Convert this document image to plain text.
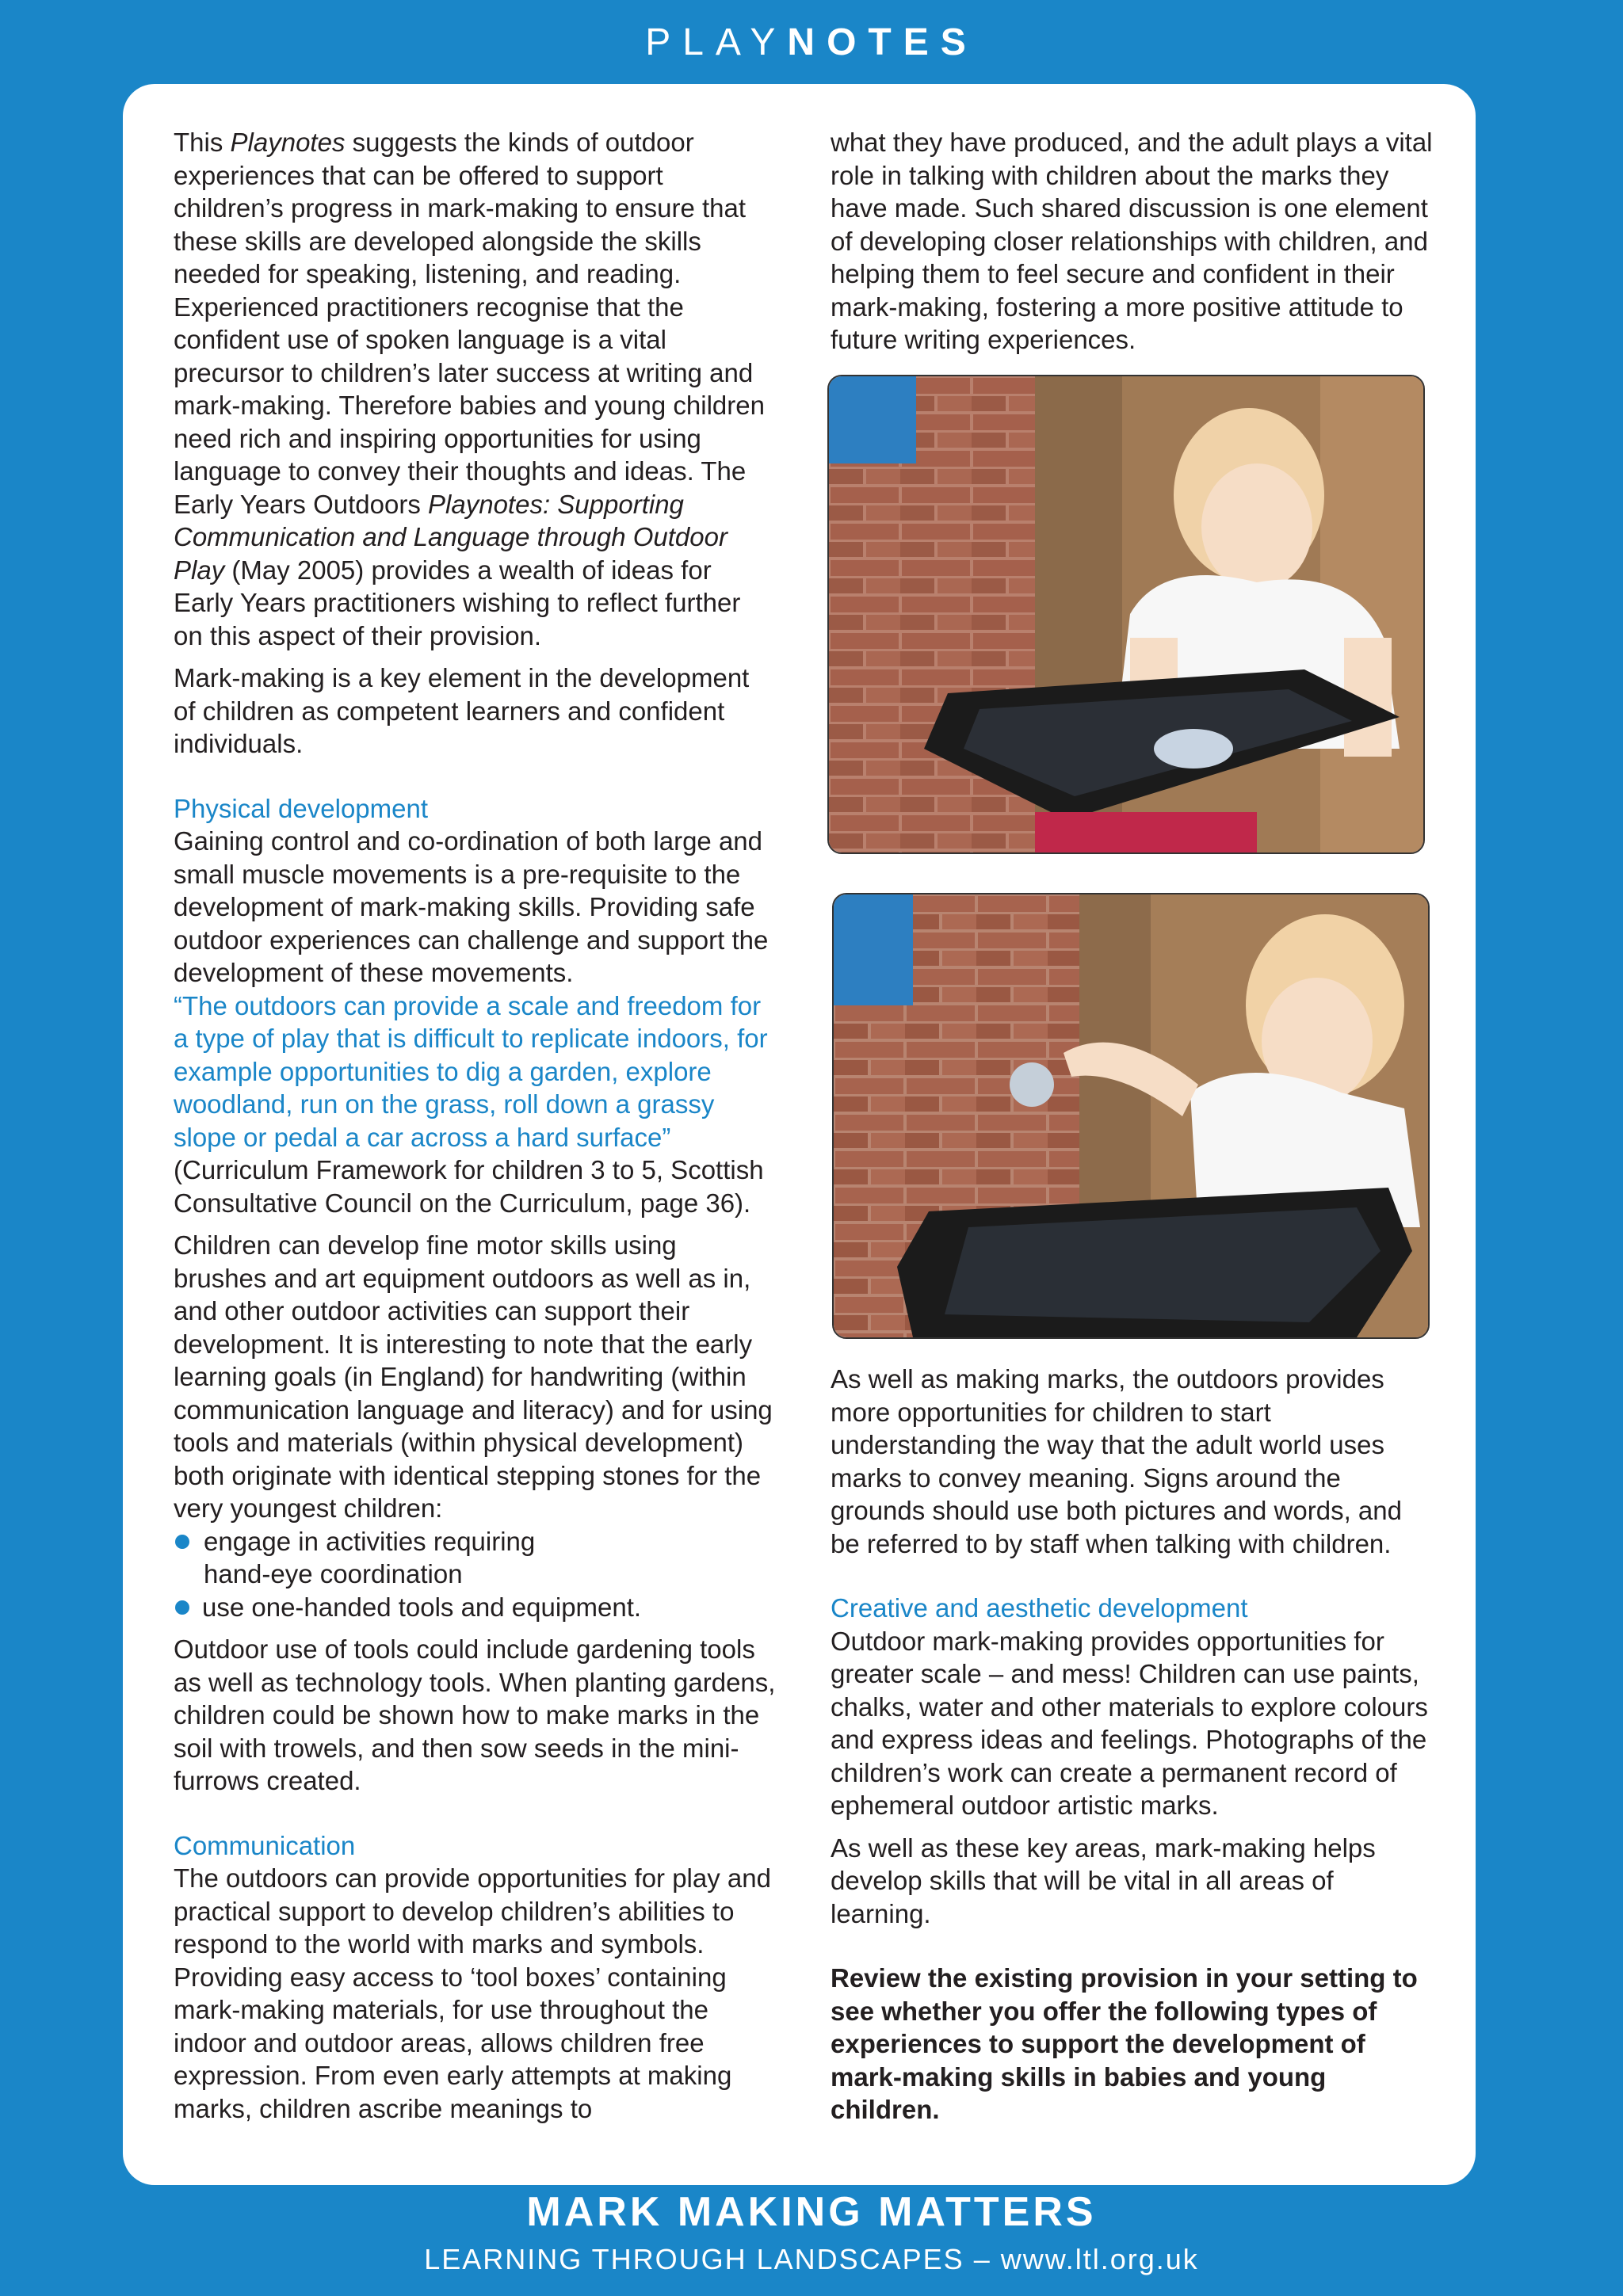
PLAYNOTES

This Playnotes suggests the kinds of outdoor experiences that can be offered to support children’s progress in mark-making to ensure that these skills are developed alongside the skills needed for speaking, listening, and reading. Experienced practitioners recognise that the confident use of spoken language is a vital precursor to children’s later success at writing and mark-making. Therefore babies and young children need rich and inspiring opportunities for using language to convey their thoughts and ideas. The Early Years Outdoors Playnotes: Supporting Communication and Language through Outdoor Play (May 2005) provides a wealth of ideas for Early Years practitioners wishing to reflect further on this aspect of their provision.

Mark-making is a key element in the development of children as competent learners and confident individuals.

Physical development

Gaining control and co-ordination of both large and small muscle movements is a pre-requisite to the development of mark-making skills. Providing safe outdoor experiences can challenge and support the development of these movements.

“The outdoors can provide a scale and freedom for a type of play that is difficult to replicate indoors, for example opportunities to dig a garden, explore woodland, run on the grass, roll down a grassy slope or pedal a car across a hard surface”

(Curriculum Framework for children 3 to 5, Scottish Consultative Council on the Curriculum, page 36).

Children can develop fine motor skills using brushes and art equipment outdoors as well as in, and other outdoor activities can support their development. It is interesting to note that the early learning goals (in England) for handwriting (within communication language and literacy) and for using tools and materials (within physical development) both originate with identical stepping stones for the very youngest children:

engage in activities requiring
hand-eye coordination
use one-handed tools and equipment.

Outdoor use of tools could include gardening tools as well as technology tools. When planting gardens, children could be shown how to make marks in the soil with trowels, and then sow seeds in the mini-furrows created.

Communication

The outdoors can provide opportunities for play and practical support to develop children’s abilities to respond to the world with marks and symbols. Providing easy access to ‘tool boxes’ containing mark-making materials, for use throughout the indoor and outdoor areas, allows children free expression. From even early attempts at making marks, children ascribe meanings to

what they have produced, and the adult plays a vital role in talking with children about the marks they have made. Such shared discussion is one element of developing closer relationships with children, and helping them to feel secure and confident in their mark-making, fostering a more positive attitude to future writing experiences.

As well as making marks, the outdoors provides more opportunities for children to start understanding the way that the adult world uses marks to convey meaning. Signs around the grounds should use both pictures and words, and be referred to by staff when talking with children.

Creative and aesthetic development

Outdoor mark-making provides opportunities for greater scale – and mess! Children can use paints, chalks, water and other materials to explore colours and express ideas and feelings. Photographs of the children’s work can create a permanent record of ephemeral outdoor artistic marks.

As well as these key areas, mark-making helps develop skills that will be vital in all areas of learning.

Review the existing provision in your setting to see whether you offer the following types of experiences to support the development of mark-making skills in babies and young children.

MARK MAKING MATTERS
LEARNING THROUGH LANDSCAPES – www.ltl.org.uk
